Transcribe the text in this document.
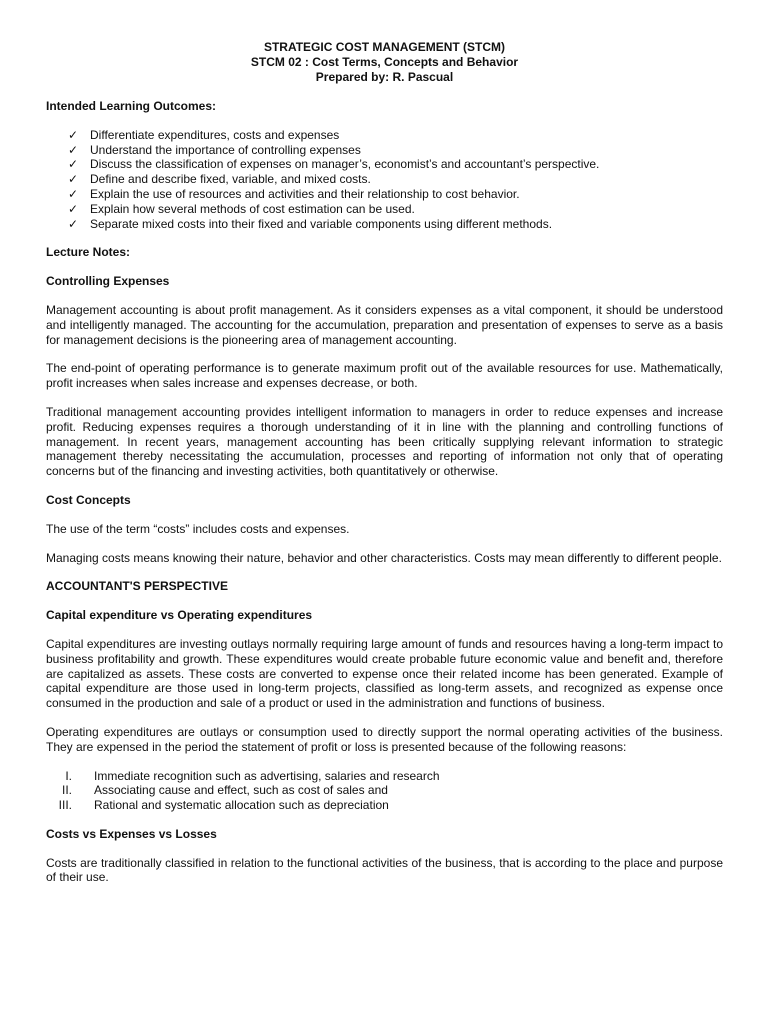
STRATEGIC COST MANAGEMENT (STCM)
STCM 02 : Cost Terms, Concepts and Behavior
Prepared by: R. Pascual
Intended Learning Outcomes:
✓ Differentiate expenditures, costs and expenses
✓ Understand the importance of controlling expenses
✓ Discuss the classification of expenses on manager’s, economist’s and accountant’s perspective.
✓ Define and describe fixed, variable, and mixed costs.
✓ Explain the use of resources and activities and their relationship to cost behavior.
✓ Explain how several methods of cost estimation can be used.
✓ Separate mixed costs into their fixed and variable components using different methods.
Lecture Notes:
Controlling Expenses

Management accounting is about profit management. As it considers expenses as a vital component, it should be understood and intelligently managed. The accounting for the accumulation, preparation and presentation of expenses to serve as a basis for management decisions is the pioneering area of management accounting.

The end-point of operating performance is to generate maximum profit out of the available resources for use. Mathematically, profit increases when sales increase and expenses decrease, or both.

Traditional management accounting provides intelligent information to managers in order to reduce expenses and increase profit. Reducing expenses requires a thorough understanding of it in line with the planning and controlling functions of management. In recent years, management accounting has been critically supplying relevant information to strategic management thereby necessitating the accumulation, processes and reporting of information not only that of operating concerns but of the financing and investing activities, both quantitatively or otherwise.

Cost Concepts

The use of the term “costs” includes costs and expenses.

Managing costs means knowing their nature, behavior and other characteristics. Costs may mean differently to different people.

ACCOUNTANT'S PERSPECTIVE
Capital expenditure vs Operating expenditures

Capital expenditures are investing outlays normally requiring large amount of funds and resources having a long-term impact to business profitability and growth. These expenditures would create probable future economic value and benefit and, therefore are capitalized as assets. These costs are converted to expense once their related income has been generated. Example of capital expenditure are those used in long-term projects, classified as long-term assets, and recognized as expense once consumed in the production and sale of a product or used in the administration and functions of business.

Operating expenditures are outlays or consumption used to directly support the normal operating activities of the business. They are expensed in the period the statement of profit or loss is presented because of the following reasons:

I. Immediate recognition such as advertising, salaries and research
II. Associating cause and effect, such as cost of sales and
III. Rational and systematic allocation such as depreciation
Costs vs Expenses vs Losses

Costs are traditionally classified in relation to the functional activities of the business, that is according to the place and purpose of their use.
